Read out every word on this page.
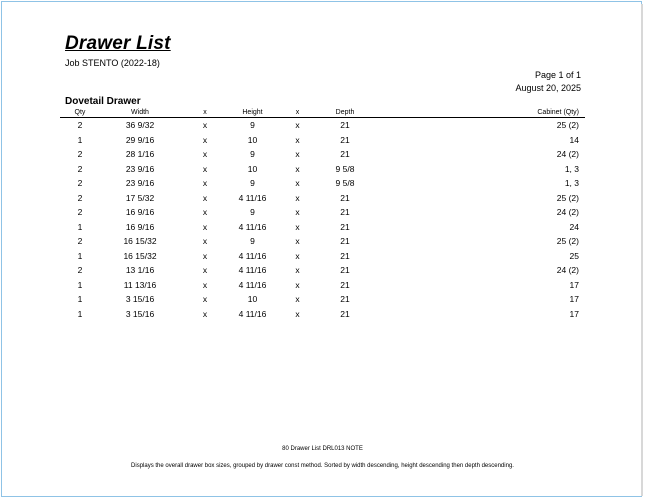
Drawer List
Job STENTO (2022-18)
Page 1 of 1
August 20, 2025
Dovetail Drawer
Qty	Width	x	Height	x	Depth	Cabinet (Qty)
2	36 9/32	x	9	x	21	25 (2)
1	29 9/16	x	10	x	21	14
2	28 1/16	x	9	x	21	24 (2)
2	23 9/16	x	10	x	9 5/8	1, 3
2	23 9/16	x	9	x	9 5/8	1, 3
2	17 5/32	x	4 11/16	x	21	25 (2)
2	16 9/16	x	9	x	21	24 (2)
1	16 9/16	x	4 11/16	x	21	24
2	16 15/32	x	9	x	21	25 (2)
1	16 15/32	x	4 11/16	x	21	25
2	13 1/16	x	4 11/16	x	21	24 (2)
1	11 13/16	x	4 11/16	x	21	17
1	3 15/16	x	10	x	21	17
1	3 15/16	x	4 11/16	x	21	17
80 Drawer List DRL013 NOTE
Displays the overall drawer box sizes, grouped by drawer const method. Sorted by width descending, height descending then depth descending.
